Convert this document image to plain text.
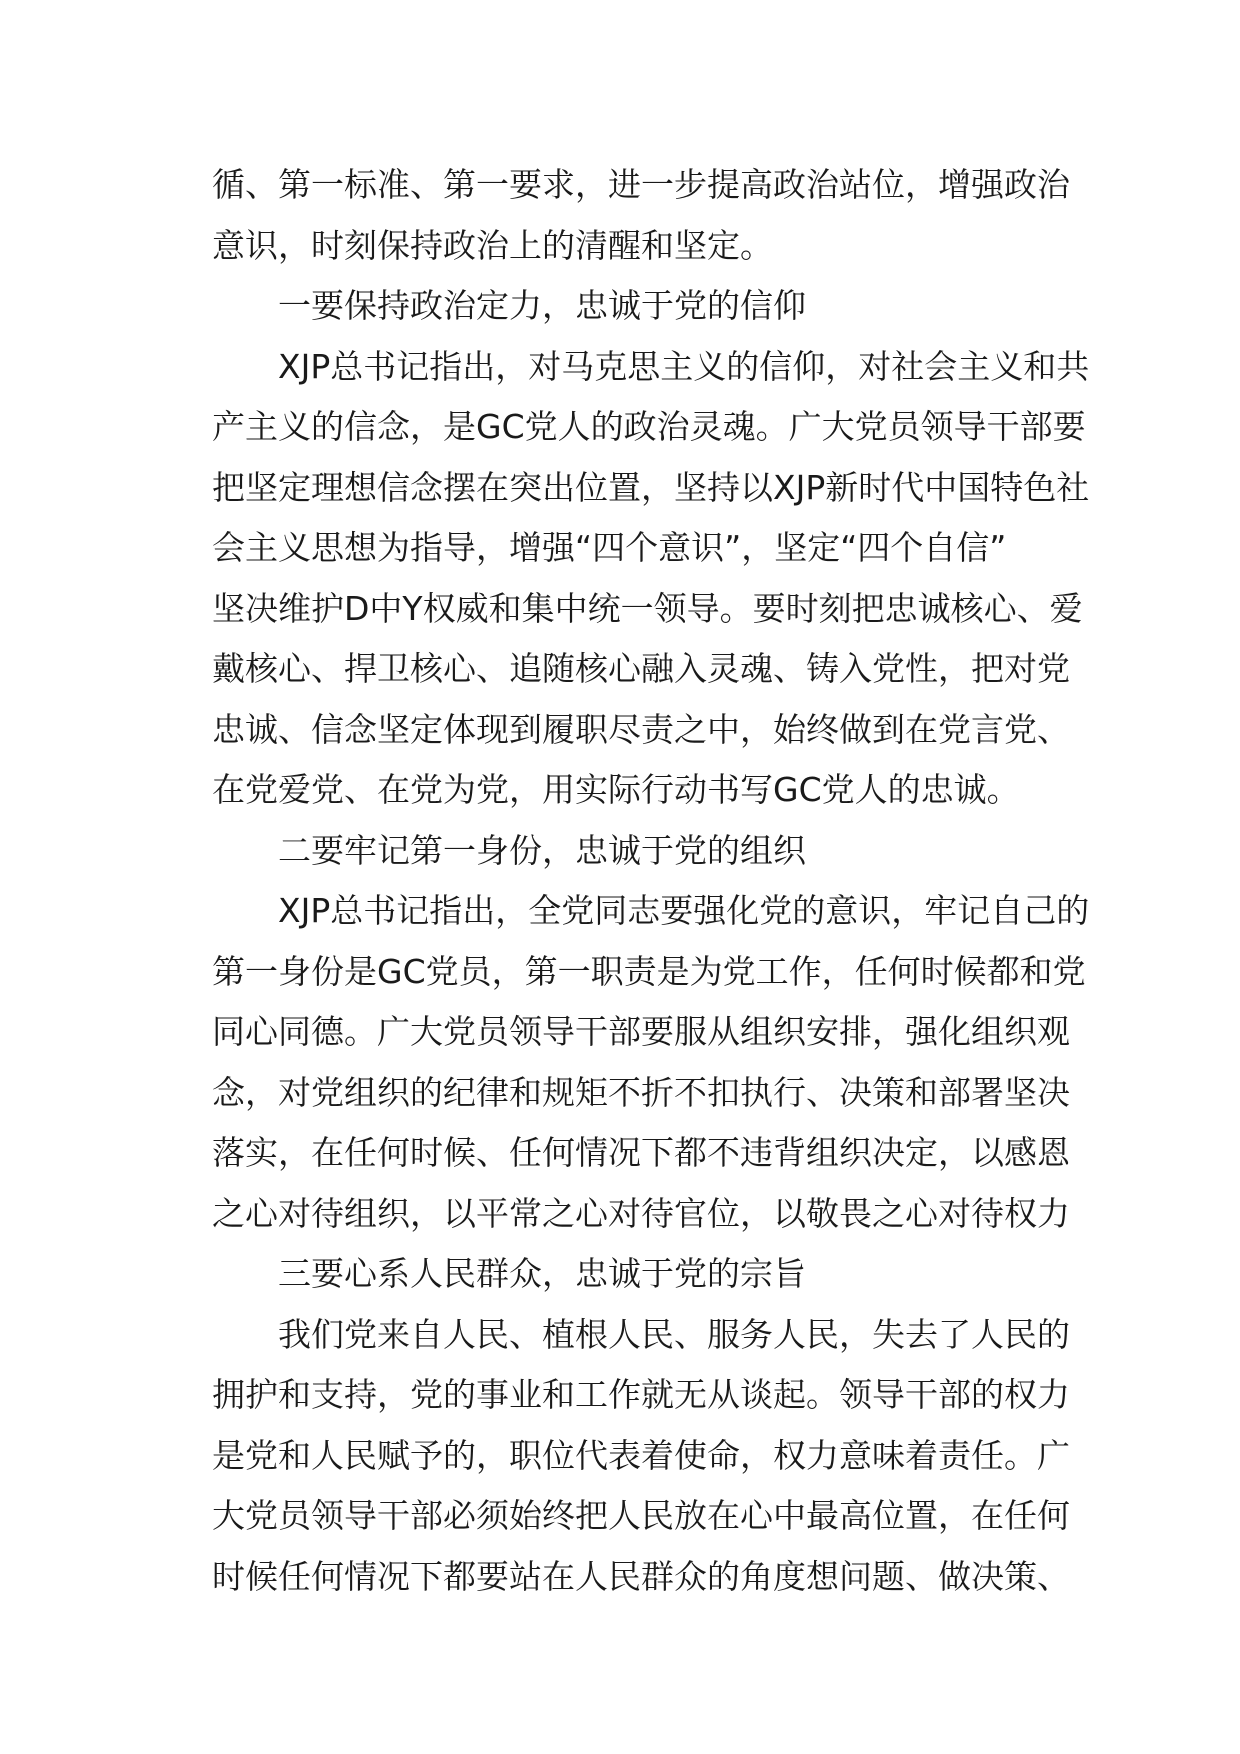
循、第一标准、第一要求，进一步提高政治站位，增强政治
意识，时刻保持政治上的清醒和坚定。
一要保持政治定力，忠诚于党的信仰
XJP总书记指出，对马克思主义的信仰，对社会主义和共
产主义的信念，是GC党人的政治灵魂。广大党员领导干部要
把坚定理想信念摆在突出位置，坚持以XJP新时代中国特色社
会主义思想为指导，增强“四个意识”，坚定“四个自信”
坚决维护D中Y权威和集中统一领导。要时刻把忠诚核心、爱
戴核心、捍卫核心、追随核心融入灵魂、铸入党性，把对党
忠诚、信念坚定体现到履职尽责之中，始终做到在党言党、
在党爱党、在党为党，用实际行动书写GC党人的忠诚。
二要牢记第一身份，忠诚于党的组织
XJP总书记指出，全党同志要强化党的意识，牢记自己的
第一身份是GC党员，第一职责是为党工作，任何时候都和党
同心同德。广大党员领导干部要服从组织安排，强化组织观
念，对党组织的纪律和规矩不折不扣执行、决策和部署坚决
落实，在任何时候、任何情况下都不违背组织决定，以感恩
之心对待组织，以平常之心对待官位，以敬畏之心对待权力
三要心系人民群众，忠诚于党的宗旨
我们党来自人民、植根人民、服务人民，失去了人民的
拥护和支持，党的事业和工作就无从谈起。领导干部的权力
是党和人民赋予的，职位代表着使命，权力意味着责任。广
大党员领导干部必须始终把人民放在心中最高位置，在任何
时候任何情况下都要站在人民群众的角度想问题、做决策、
